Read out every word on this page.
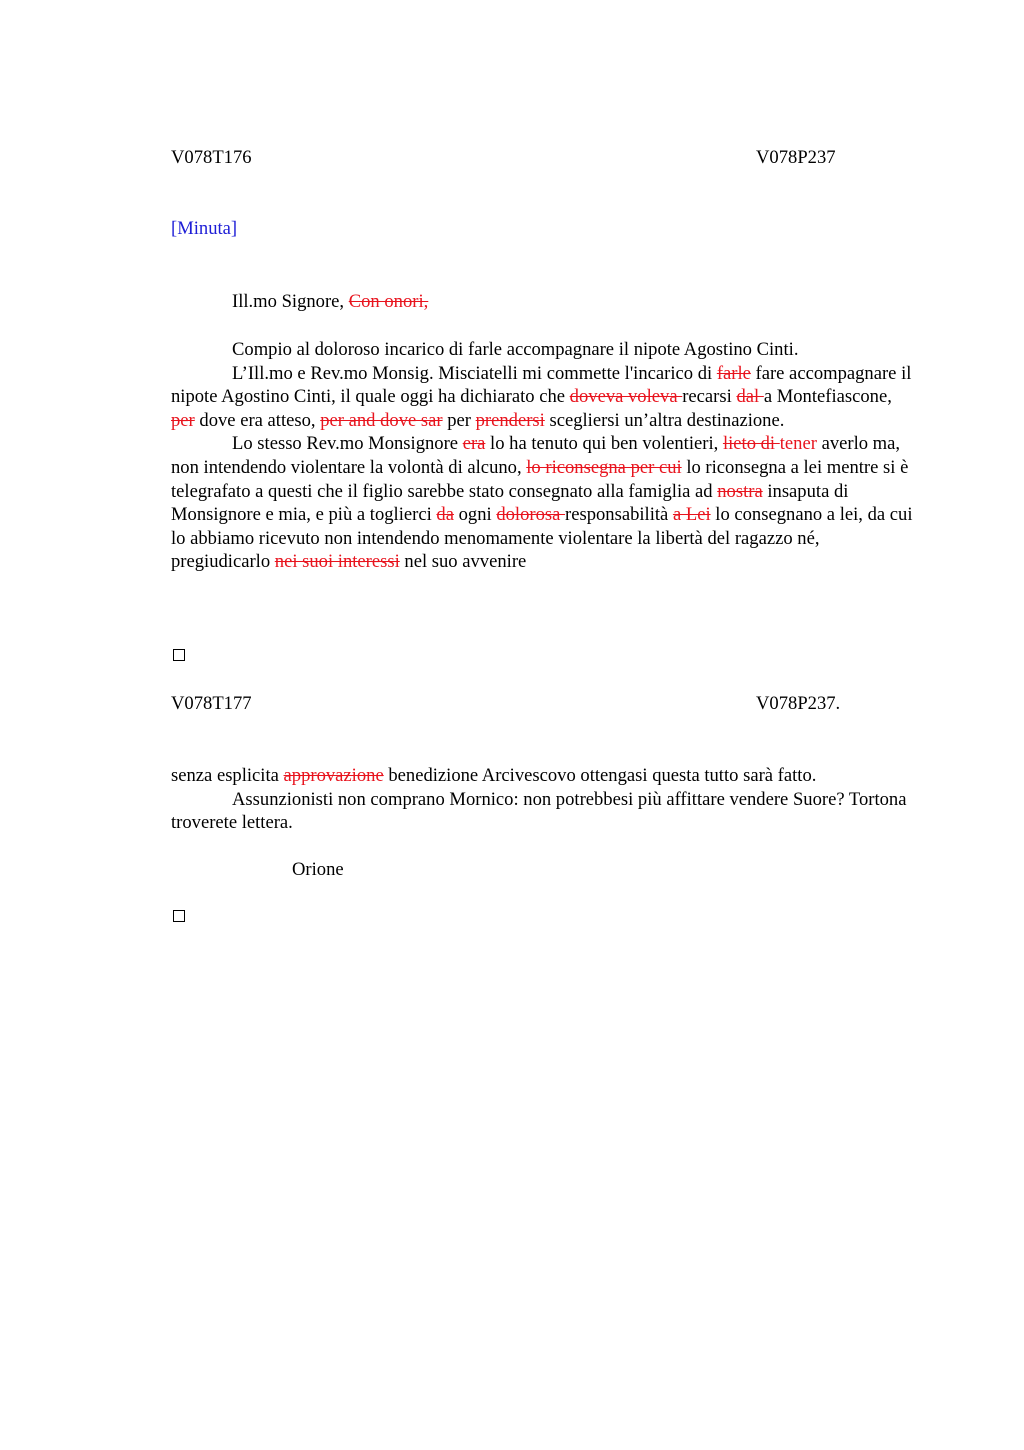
V078T176	V078P237
[Minuta]

Ill.mo Signore, Con onori,

Compio al doloroso incarico di farle accompagnare il nipote Agostino Cinti.

L’Ill.mo e Rev.mo Monsig. Misciatelli mi commette l'incarico di farle fare accompagnare il nipote Agostino Cinti, il quale oggi ha dichiarato che doveva voleva recarsi dal a Montefiascone, per dove era atteso, per and dove sar per prendersi scegliersi un’altra destinazione.

Lo stesso Rev.mo Monsignore era lo ha tenuto qui ben volentieri, lieto di tener averlo ma, non intendendo violentare la volontà di alcuno, lo riconsegna per cui lo riconsegna a lei mentre si è telegrafato a questi che il figlio sarebbe stato consegnato alla famiglia ad nostra insaputa di Monsignore e mia, e più a toglierci da ogni dolorosa responsabilità a Lei lo consegnano a lei, da cui lo abbiamo ricevuto non intendendo menomamente violentare la libertà del ragazzo né, pregiudicarlo nei suoi interessi nel suo avvenire

V078T177	V078P237.

senza esplicita approvazione benedizione Arcivescovo ottengasi questa tutto sarà fatto.

Assunzionisti non comprano Mornico: non potrebbesi più affittare vendere Suore? Tortona troverete lettera.

Orione
